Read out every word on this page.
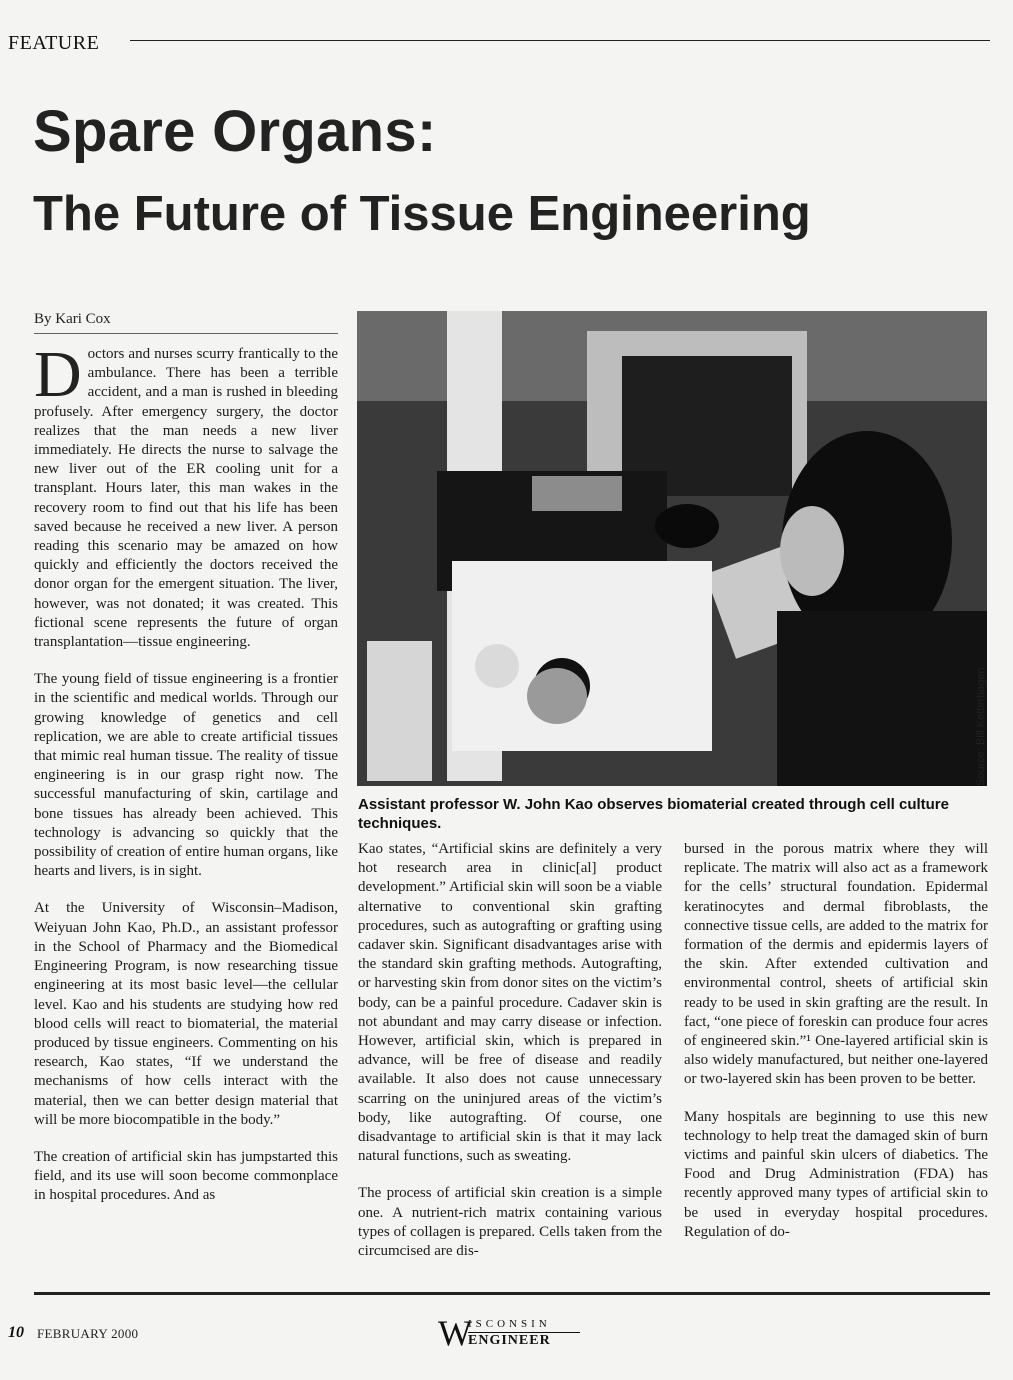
FEATURE
Spare Organs:
The Future of Tissue Engineering
By Kari Cox

Doctors and nurses scurry frantically to the ambulance. There has been a terrible accident, and a man is rushed in bleeding profusely. After emergency surgery, the doctor realizes that the man needs a new liver immediately. He directs the nurse to salvage the new liver out of the ER cooling unit for a transplant. Hours later, this man wakes in the recovery room to find out that his life has been saved because he received a new liver. A person reading this scenario may be amazed on how quickly and efficiently the doctors received the donor organ for the emergent situation. The liver, however, was not donated; it was created. This fictional scene represents the future of organ transplantation—tissue engineering.

The young field of tissue engineering is a frontier in the scientific and medical worlds. Through our growing knowledge of genetics and cell replication, we are able to create artificial tissues that mimic real human tissue. The reality of tissue engineering is in our grasp right now. The successful manufacturing of skin, cartilage and bone tissues has already been achieved. This technology is advancing so quickly that the possibility of creation of entire human organs, like hearts and livers, is in sight.

At the University of Wisconsin–Madison, Weiyuan John Kao, Ph.D., an assistant professor in the School of Pharmacy and the Biomedical Engineering Program, is now researching tissue engineering at its most basic level—the cellular level. Kao and his students are studying how red blood cells will react to biomaterial, the material produced by tissue engineers. Commenting on his research, Kao states, “If we understand the mechanisms of how cells interact with the material, then we can better design material that will be more biocompatible in the body.”

The creation of artificial skin has jumpstarted this field, and its use will soon become commonplace in hospital procedures. And as

Source: Bill Ketterhagen
Assistant professor W. John Kao observes biomaterial created through cell culture techniques.

Kao states, “Artificial skins are definitely a very hot research area in clinic[al] product development.” Artificial skin will soon be a viable alternative to conventional skin grafting procedures, such as autografting or grafting using cadaver skin. Significant disadvantages arise with the standard skin grafting methods. Autografting, or harvesting skin from donor sites on the victim’s body, can be a painful procedure. Cadaver skin is not abundant and may carry disease or infection. However, artificial skin, which is prepared in advance, will be free of disease and readily available. It also does not cause unnecessary scarring on the uninjured areas of the victim’s body, like autografting. Of course, one disadvantage to artificial skin is that it may lack natural functions, such as sweating.

The process of artificial skin creation is a simple one. A nutrient-rich matrix containing various types of collagen is prepared. Cells taken from the circumcised are dis-

bursed in the porous matrix where they will replicate. The matrix will also act as a framework for the cells’ structural foundation. Epidermal keratinocytes and dermal fibroblasts, the connective tissue cells, are added to the matrix for formation of the dermis and epidermis layers of the skin. After extended cultivation and environmental control, sheets of artificial skin ready to be used in skin grafting are the result. In fact, “one piece of foreskin can produce four acres of engineered skin.”¹ One-layered artificial skin is also widely manufactured, but neither one-layered or two-layered skin has been proven to be better.

Many hospitals are beginning to use this new technology to help treat the damaged skin of burn victims and painful skin ulcers of diabetics. The Food and Drug Administration (FDA) has recently approved many types of artificial skin to be used in everyday hospital procedures. Regulation of do-

10 FEBRUARY 2000	W
ISCONSIN
ENGINEER
